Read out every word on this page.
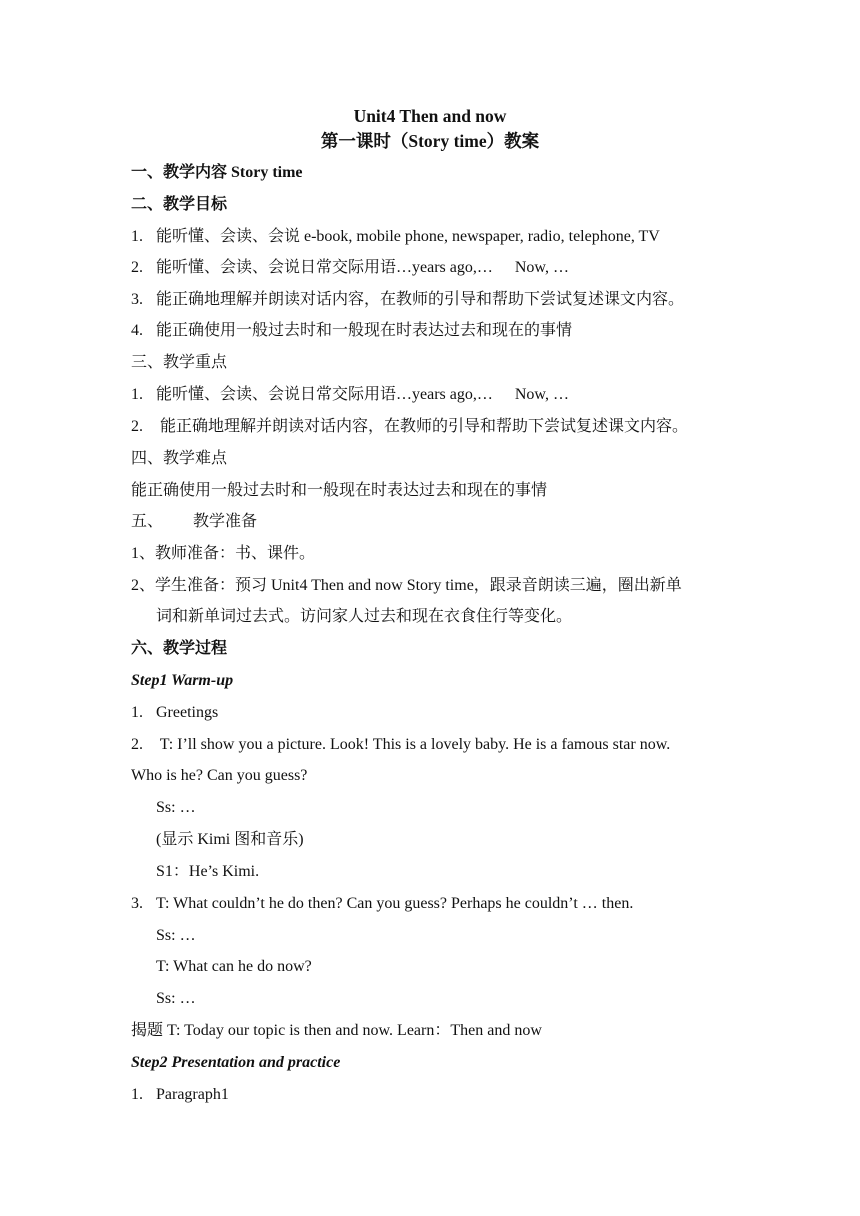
Unit4 Then and now
第一课时（Story time）教案
一、教学内容 Story time
二、教学目标
1. 能听懂、会读、会说 e-book, mobile phone, newspaper, radio, telephone, TV
2. 能听懂、会读、会说日常交际用语…years ago,… Now, …
3. 能正确地理解并朗读对话内容，在教师的引导和帮助下尝试复述课文内容。
4. 能正确使用一般过去时和一般现在时表达过去和现在的事情
三、教学重点
1. 能听懂、会读、会说日常交际用语…years ago,… Now, …
2. 能正确地理解并朗读对话内容，在教师的引导和帮助下尝试复述课文内容。
四、教学难点
能正确使用一般过去时和一般现在时表达过去和现在的事情
五、 教学准备
1、教师准备：书、课件。
2、学生准备：预习 Unit4 Then and now Story time，跟录音朗读三遍，圈出新单
词和新单词过去式。访问家人过去和现在衣食住行等变化。
六、教学过程
Step1 Warm-up
1. Greetings
2. T: I’ll show you a picture. Look! This is a lovely baby. He is a famous star now.
Who is he? Can you guess?
Ss: …
(显示 Kimi 图和音乐)
S1：He’s Kimi.
3. T: What couldn’t he do then? Can you guess? Perhaps he couldn’t … then.
Ss: …
T: What can he do now?
Ss: …
揭题 T: Today our topic is then and now. Learn：Then and now
Step2 Presentation and practice
1. Paragraph1
